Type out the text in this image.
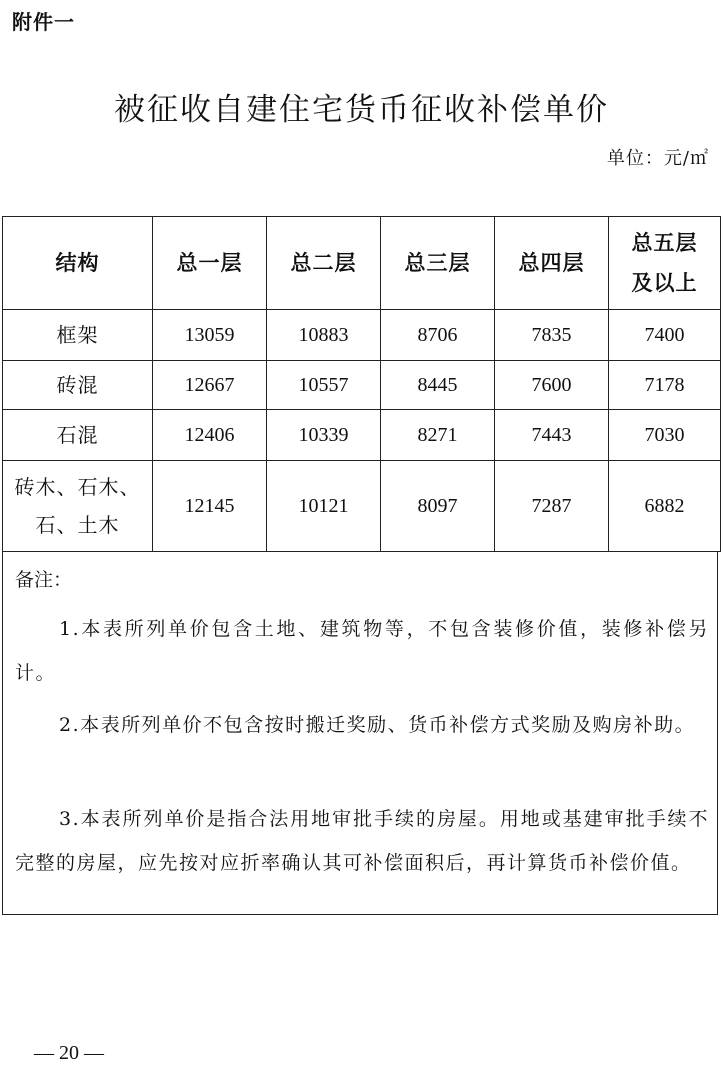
附件一
被征收自建住宅货币征收补偿单价
单位：元/㎡
结构	总一层	总二层	总三层	总四层	总五层
及以上
框架	13059	10883	8706	7835	7400
砖混	12667	10557	8445	7600	7178
石混	12406	10339	8271	7443	7030
砖木、石木、
石、土木	12145	10121	8097	7287	6882
备注：
1.本表所列单价包含土地、建筑物等，不包含装修价值，装修补偿另计。
2.本表所列单价不包含按时搬迁奖励、货币补偿方式奖励及购房补助。
3.本表所列单价是指合法用地审批手续的房屋。用地或基建审批手续不完整的房屋，应先按对应折率确认其可补偿面积后，再计算货币补偿价值。
— 20 —
